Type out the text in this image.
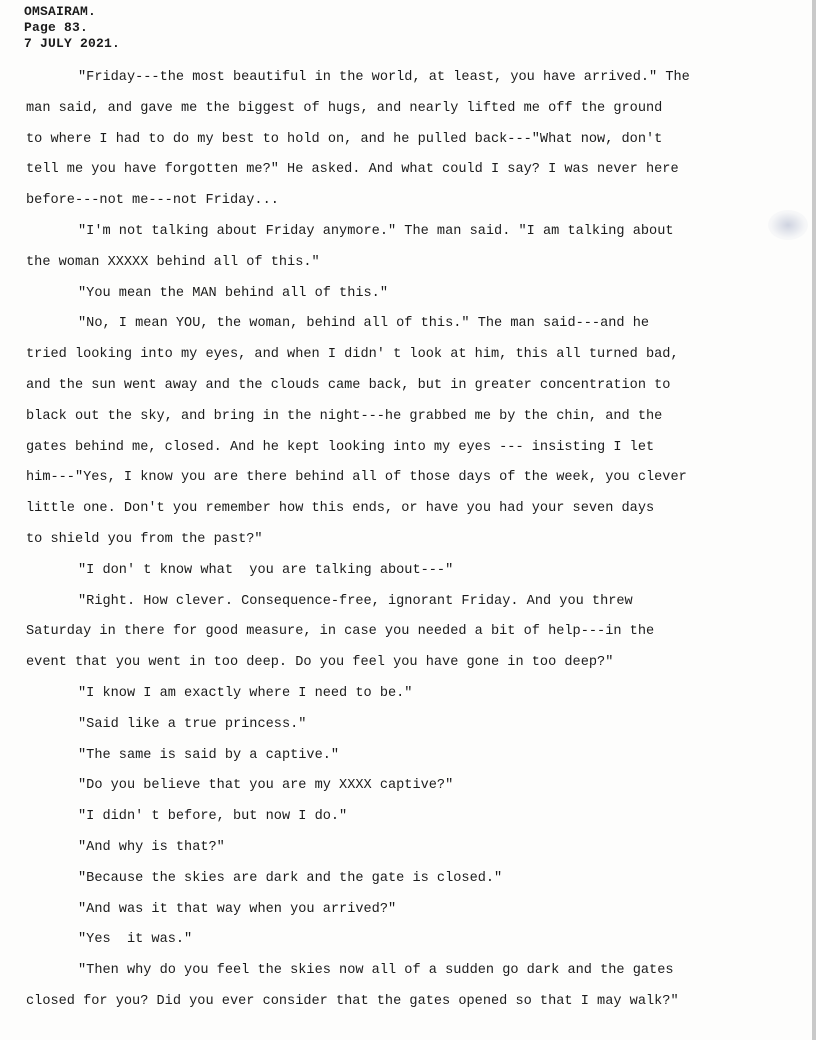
OMSAIRAM.
Page 83.
7 JULY 2021.
"Friday---the most beautiful in the world, at least, you have arrived." The
man said, and gave me the biggest of hugs, and nearly lifted me off the ground
to where I had to do my best to hold on, and he pulled back---"What now, don't
tell me you have forgotten me?" He asked. And what could I say? I was never here
before---not me---not Friday...
"I'm not talking about Friday anymore." The man said. "I am talking about
the woman XXXXX behind all of this."
"You mean the MAN behind all of this."
"No, I mean YOU, the woman, behind all of this." The man said---and he
tried looking into my eyes, and when I didn' t look at him, this all turned bad,
and the sun went away and the clouds came back, but in greater concentration to
black out the sky, and bring in the night---he grabbed me by the chin, and the
gates behind me, closed. And he kept looking into my eyes --- insisting I let
him---"Yes, I know you are there behind all of those days of the week, you clever
little one. Don't you remember how this ends, or have you had your seven days
to shield you from the past?"
"I don' t know what  you are talking about---"
"Right. How clever. Consequence-free, ignorant Friday. And you threw
Saturday in there for good measure, in case you needed a bit of help---in the
event that you went in too deep. Do you feel you have gone in too deep?"
"I know I am exactly where I need to be."
"Said like a true princess."
"The same is said by a captive."
"Do you believe that you are my XXXX captive?"
"I didn' t before, but now I do."
"And why is that?"
"Because the skies are dark and the gate is closed."
"And was it that way when you arrived?"
"Yes  it was."
"Then why do you feel the skies now all of a sudden go dark and the gates
closed for you? Did you ever consider that the gates opened so that I may walk?"
